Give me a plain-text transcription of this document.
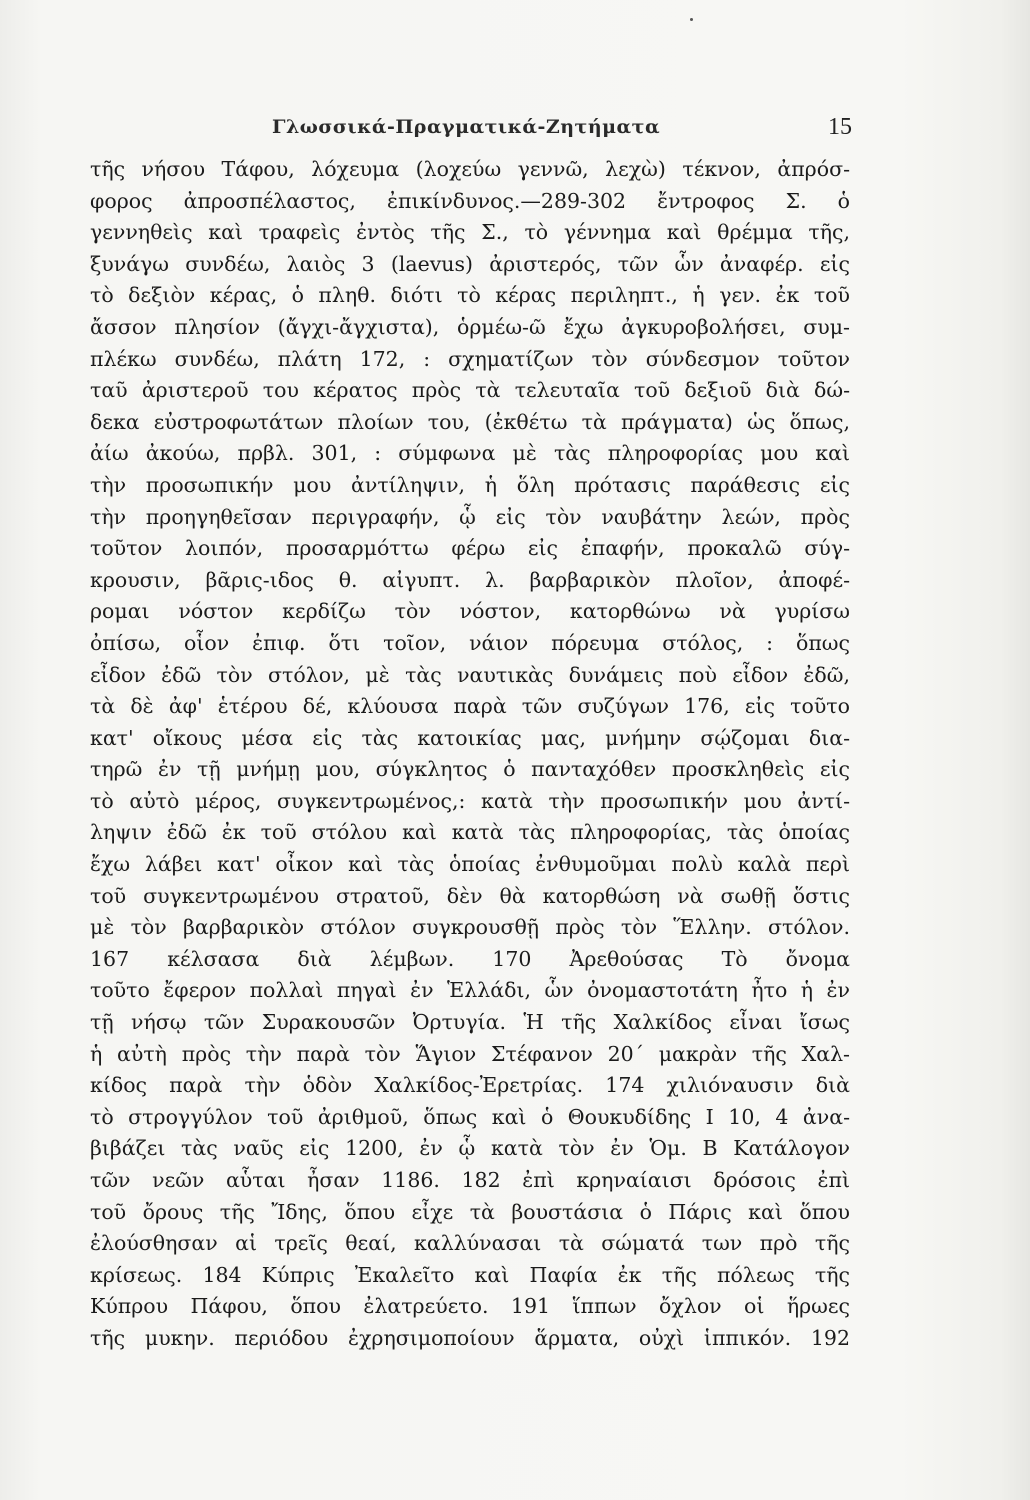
Γλωσσικά-Πραγματικά-Ζητήματα	15
τῆς νήσου Τάφου, λόχευμα (λοχεύω γεννῶ, λεχὼ) τέκνον, ἀπρόσ-
φορος ἀπροσπέλαστος, ἐπικίνδυνος.—289-302 ἔντροφος Σ. ὁ
γεννηθεὶς καὶ τραφεὶς ἐντὸς τῆς Σ., τὸ γέννημα καὶ θρέμμα τῆς,
ξυνάγω συνδέω, λαιὸς 3 (laevus) ἀριστερός, τῶν ὧν ἀναφέρ. εἰς
τὸ δεξιὸν κέρας, ὁ πληθ. διότι τὸ κέρας περιληπτ., ἡ γεν. ἐκ τοῦ
ἄσσον πλησίον (ἄγχι-ἄγχιστα), ὁρμέω-ῶ ἔχω ἀγκυροβολήσει, συμ-
πλέκω συνδέω, πλάτη 172, : σχηματίζων τὸν σύνδεσμον τοῦτον
ταῦ ἀριστεροῦ του κέρατος πρὸς τὰ τελευταῖα τοῦ δεξιοῦ διὰ δώ-
δεκα εὐστροφωτάτων πλοίων του, (ἐκθέτω τὰ πράγματα) ὡς ὅπως,
ἀίω ἀκούω, πρβλ. 301, : σύμφωνα μὲ τὰς πληροφορίας μου καὶ
τὴν προσωπικήν μου ἀντίληψιν, ἡ ὅλη πρότασις παράθεσις εἰς
τὴν προηγηθεῖσαν περιγραφήν, ᾧ εἰς τὸν ναυβάτην λεών, πρὸς
τοῦτον λοιπόν, προσαρμόττω φέρω εἰς ἐπαφήν, προκαλῶ σύγ-
κρουσιν, βᾶρις-ιδος θ. αἰγυπτ. λ. βαρβαρικὸν πλοῖον, ἀποφέ-
ρομαι νόστον κερδίζω τὸν νόστον, κατορθώνω νὰ γυρίσω
ὀπίσω, οἷον ἐπιφ. ὅτι τοῖον, νάιον πόρευμα στόλος, : ὅπως
εἶδον ἐδῶ τὸν στόλον, μὲ τὰς ναυτικὰς δυνάμεις ποὺ εἶδον ἐδῶ,
τὰ δὲ ἀφ' ἑτέρου δέ, κλύουσα παρὰ τῶν συζύγων 176, εἰς τοῦτο
κατ' οἴκους μέσα εἰς τὰς κατοικίας μας, μνήμην σῴζομαι δια-
τηρῶ ἐν τῇ μνήμῃ μου, σύγκλητος ὁ πανταχόθεν προσκληθεὶς εἰς
τὸ αὐτὸ μέρος, συγκεντρωμένος,: κατὰ τὴν προσωπικήν μου ἀντί-
ληψιν ἐδῶ ἐκ τοῦ στόλου καὶ κατὰ τὰς πληροφορίας, τὰς ὁποίας
ἔχω λάβει κατ' οἶκον καὶ τὰς ὁποίας ἐνθυμοῦμαι πολὺ καλὰ περὶ
τοῦ συγκεντρωμένου στρατοῦ, δὲν θὰ κατορθώση νὰ σωθῇ ὅστις
μὲ τὸν βαρβαρικὸν στόλον συγκρουσθῇ πρὸς τὸν Ἕλλην. στόλον.
167 κέλσασα διὰ λέμβων. 170 Ἀρεθούσας Τὸ ὄνομα
τοῦτο ἔφερον πολλαὶ πηγαὶ ἐν Ἑλλάδι, ὧν ὀνομαστοτάτη ἦτο ἡ ἐν
τῇ νήσῳ τῶν Συρακουσῶν Ὀρτυγία. Ἡ τῆς Χαλκίδος εἶναι ἴσως
ἡ αὐτὴ πρὸς τὴν παρὰ τὸν Ἅγιον Στέφανον 20΄ μακρὰν τῆς Χαλ-
κίδος παρὰ τὴν ὁδὸν Χαλκίδος-Ἐρετρίας. 174 χιλιόναυσιν διὰ
τὸ στρογγύλον τοῦ ἀριθμοῦ, ὅπως καὶ ὁ Θουκυδίδης I 10, 4 ἀνα-
βιβάζει τὰς ναῦς εἰς 1200, ἐν ᾧ κατὰ τὸν ἐν Ὁμ. Β Κατάλογον
τῶν νεῶν αὗται ἦσαν 1186. 182 ἐπὶ κρηναίαισι δρόσοις ἐπὶ
τοῦ ὄρους τῆς Ἴδης, ὅπου εἶχε τὰ βουστάσια ὁ Πάρις καὶ ὅπου
ἐλούσθησαν αἱ τρεῖς θεαί, καλλύνασαι τὰ σώματά των πρὸ τῆς
κρίσεως. 184 Κύπρις Ἐκαλεῖτο καὶ Παφία ἐκ τῆς πόλεως τῆς
Κύπρου Πάφου, ὅπου ἐλατρεύετο. 191 ἵππων ὄχλον οἱ ἥρωες
τῆς μυκην. περιόδου ἐχρησιμοποίουν ἅρματα, οὐχὶ ἱππικόν. 192
